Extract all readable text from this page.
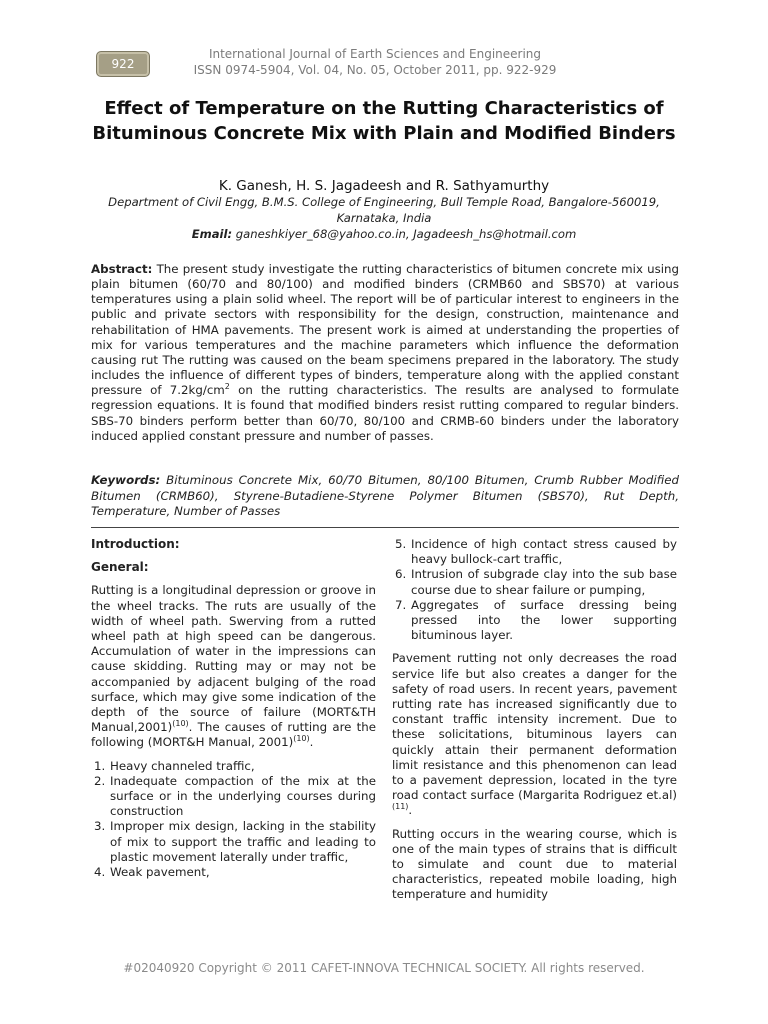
922
International Journal of Earth Sciences and Engineering
ISSN 0974-5904, Vol. 04, No. 05, October 2011, pp. 922-929
Effect of Temperature on the Rutting Characteristics of Bituminous Concrete Mix with Plain and Modified Binders
K. Ganesh, H. S. Jagadeesh and R. Sathyamurthy
Department of Civil Engg, B.M.S. College of Engineering, Bull Temple Road, Bangalore-560019, Karnataka, India
Email: ganeshkiyer_68@yahoo.co.in, Jagadeesh_hs@hotmail.com
Abstract: The present study investigate the rutting characteristics of bitumen concrete mix using plain bitumen (60/70 and 80/100) and modified binders (CRMB60 and SBS70) at various temperatures using a plain solid wheel. The report will be of particular interest to engineers in the public and private sectors with responsibility for the design, construction, maintenance and rehabilitation of HMA pavements. The present work is aimed at understanding the properties of mix for various temperatures and the machine parameters which influence the deformation causing rut The rutting was caused on the beam specimens prepared in the laboratory. The study includes the influence of different types of binders, temperature along with the applied constant pressure of $7.2kg/cm^2$ on the rutting characteristics. The results are analysed to formulate regression equations. It is found that modified binders resist rutting compared to regular binders. SBS-70 binders perform better than 60/70, 80/100 and CRMB-60 binders under the laboratory induced applied constant pressure and number of passes.
Keywords: Bituminous Concrete Mix, 60/70 Bitumen, 80/100 Bitumen, Crumb Rubber Modified Bitumen (CRMB60), Styrene-Butadiene-Styrene Polymer Bitumen (SBS70), Rut Depth, Temperature, Number of Passes
Introduction:
General:

Rutting is a longitudinal depression or groove in the wheel tracks. The ruts are usually of the width of wheel path. Swerving from a rutted wheel path at high speed can be dangerous. Accumulation of water in the impressions can cause skidding. Rutting may or may not be accompanied by adjacent bulging of the road surface, which may give some indication of the depth of the source of failure (MORT&TH Manual,2001)$^{(10)}$. The causes of rutting are the following (MORT&H Manual, 2001)$^{(10)}$.

1. Heavy channeled traffic,
2. Inadequate compaction of the mix at the surface or in the underlying courses during construction
3. Improper mix design, lacking in the stability of mix to support the traffic and leading to plastic movement laterally under traffic,
4. Weak pavement,
5. Incidence of high contact stress caused by heavy bullock-cart traffic,
6. Intrusion of subgrade clay into the sub base course due to shear failure or pumping,
7. Aggregates of surface dressing being pressed into the lower supporting bituminous layer.

Pavement rutting not only decreases the road service life but also creates a danger for the safety of road users. In recent years, pavement rutting rate has increased significantly due to constant traffic intensity increment. Due to these solicitations, bituminous layers can quickly attain their permanent deformation limit resistance and this phenomenon can lead to a pavement depression, located in the tyre road contact surface (Margarita Rodriguez et.al)$^{(11)}$.

Rutting occurs in the wearing course, which is one of the main types of strains that is difficult to simulate and count due to material characteristics, repeated mobile loading, high temperature and humidity

#02040920 Copyright © 2011 CAFET-INNOVA TECHNICAL SOCIETY. All rights reserved.
